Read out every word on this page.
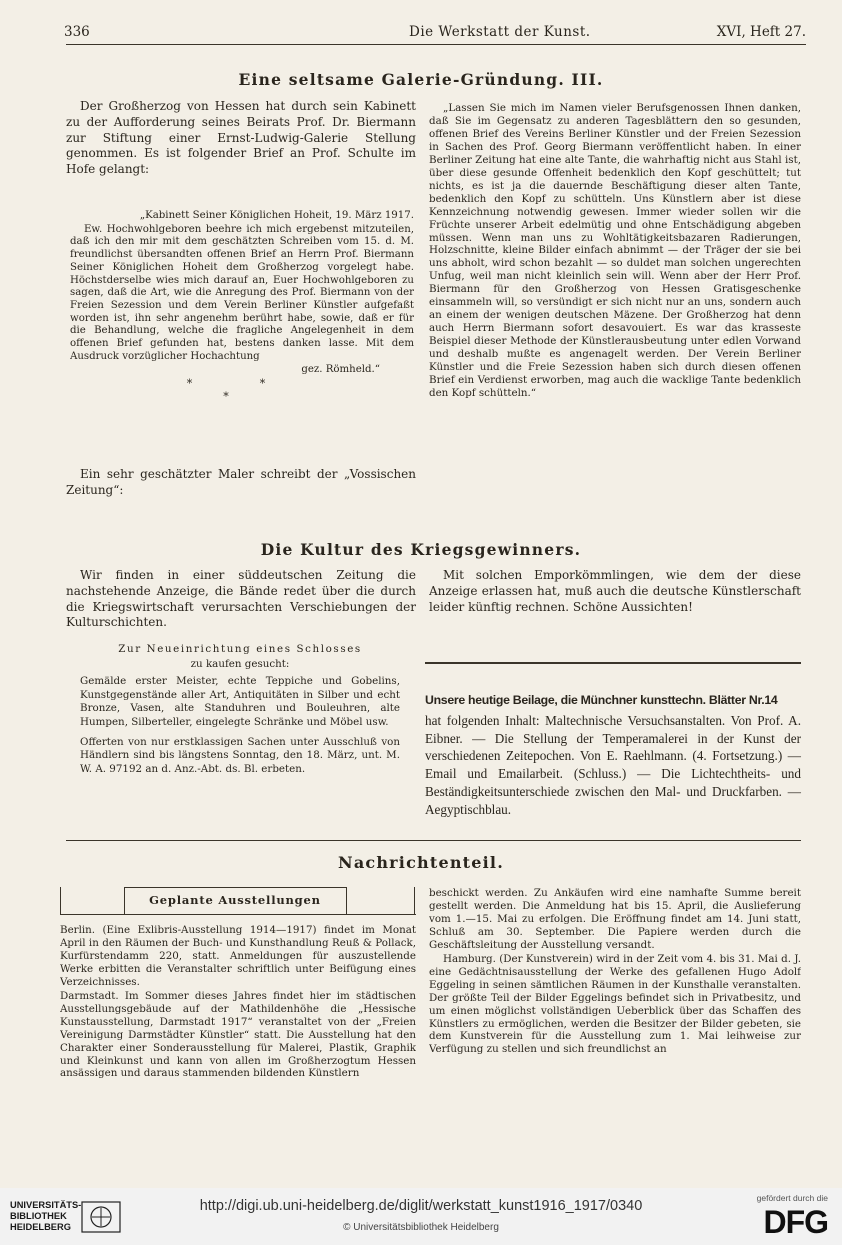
336	Die Werkstatt der Kunst.	XVI, Heft 27.
Eine seltsame Galerie-Gründung. III.

Der Großherzog von Hessen hat durch sein Kabinett zu der Aufforderung seines Beirats Prof. Dr. Biermann zur Stiftung einer Ernst-Ludwig-Galerie Stellung genommen. Es ist folgender Brief an Prof. Schulte im Hofe gelangt:

„Kabinett Seiner Königlichen Hoheit, 19. März 1917.

Ew. Hochwohlgeboren beehre ich mich ergebenst mitzuteilen, daß ich den mir mit dem geschätzten Schreiben vom 15. d. M. freundlichst übersandten offenen Brief an Herrn Prof. Biermann Seiner Königlichen Hoheit dem Großherzog vorgelegt habe. Höchstderselbe wies mich darauf an, Euer Hochwohlgeboren zu sagen, daß die Art, wie die Anregung des Prof. Biermann von der Freien Sezession und dem Verein Berliner Künstler aufgefaßt worden ist, ihn sehr angenehm berührt habe, sowie, daß er für die Behandlung, welche die fragliche Angelegenheit in dem offenen Brief gefunden hat, bestens danken lasse. Mit dem Ausdruck vorzüglicher Hochachtung

gez. Römheld.“

* *

*

Ein sehr geschätzter Maler schreibt der „Vossischen Zeitung“:

„Lassen Sie mich im Namen vieler Berufsgenossen Ihnen danken, daß Sie im Gegensatz zu anderen Tagesblättern den so gesunden, offenen Brief des Vereins Berliner Künstler und der Freien Sezession in Sachen des Prof. Georg Biermann veröffentlicht haben. In einer Berliner Zeitung hat eine alte Tante, die wahrhaftig nicht aus Stahl ist, über diese gesunde Offenheit bedenklich den Kopf geschüttelt; tut nichts, es ist ja die dauernde Beschäftigung dieser alten Tante, bedenklich den Kopf zu schütteln. Uns Künstlern aber ist diese Kennzeichnung notwendig gewesen. Immer wieder sollen wir die Früchte unserer Arbeit edelmütig und ohne Entschädigung abgeben müssen. Wenn man uns zu Wohltätigkeitsbazaren Radierungen, Holzschnitte, kleine Bilder einfach abnimmt — der Träger der sie bei uns abholt, wird schon bezahlt — so duldet man solchen ungerechten Unfug, weil man nicht kleinlich sein will. Wenn aber der Herr Prof. Biermann für den Großherzog von Hessen Gratisgeschenke einsammeln will, so versündigt er sich nicht nur an uns, sondern auch an einem der wenigen deutschen Mäzene. Der Großherzog hat denn auch Herrn Biermann sofort desavouiert. Es war das krasseste Beispiel dieser Methode der Künstlerausbeutung unter edlen Vorwand und deshalb mußte es angenagelt werden. Der Verein Berliner Künstler und die Freie Sezession haben sich durch diesen offenen Brief ein Verdienst erworben, mag auch die wacklige Tante bedenklich den Kopf schütteln.“

Die Kultur des Kriegsgewinners.

Wir finden in einer süddeutschen Zeitung die nachstehende Anzeige, die Bände redet über die durch die Kriegswirtschaft verursachten Verschiebungen der Kulturschichten.

Zur Neueinrichtung eines Schlosses

zu kaufen gesucht:

Gemälde erster Meister, echte Teppiche und Gobelins, Kunstgegenstände aller Art, Antiquitäten in Silber und echt Bronze, Vasen, alte Standuhren und Bouleuhren, alte Humpen, Silberteller, eingelegte Schränke und Möbel usw.

Offerten von nur erstklassigen Sachen unter Ausschluß von Händlern sind bis längstens Sonntag, den 18. März, unt. M. W. A. 97192 an d. Anz.-Abt. ds. Bl. erbeten.

Mit solchen Emporkömmlingen, wie dem der diese Anzeige erlassen hat, muß auch die deutsche Künstlerschaft leider künftig rechnen. Schöne Aussichten!

Unsere heutige Beilage, die Münchner kunsttechn. Blätter Nr.14

hat folgenden Inhalt: Maltechnische Versuchsanstalten. Von Prof. A. Eibner. — Die Stellung der Temperamalerei in der Kunst der verschiedenen Zeitepochen. Von E. Raehlmann. (4. Fortsetzung.) — Email und Emailarbeit. (Schluss.) — Die Lichtechtheits- und Beständigkeitsunterschiede zwischen den Mal- und Druckfarben. — Aegyptischblau.

Nachrichtenteil.
Geplante Ausstellungen

Berlin. (Eine Exlibris-Ausstellung 1914—1917) findet im Monat April in den Räumen der Buch- und Kunsthandlung Reuß & Pollack, Kurfürstendamm 220, statt. Anmeldungen für auszustellende Werke erbitten die Veranstalter schriftlich unter Beifügung eines Verzeichnisses.

Darmstadt. Im Sommer dieses Jahres findet hier im städtischen Ausstellungsgebäude auf der Mathildenhöhe die „Hessische Kunstausstellung, Darmstadt 1917“ veranstaltet von der „Freien Vereinigung Darmstädter Künstler“ statt. Die Ausstellung hat den Charakter einer Sonderausstellung für Malerei, Plastik, Graphik und Kleinkunst und kann von allen im Großherzogtum Hessen ansässigen und daraus stammenden bildenden Künstlern

beschickt werden. Zu Ankäufen wird eine namhafte Summe bereit gestellt werden. Die Anmeldung hat bis 15. April, die Auslieferung vom 1.—15. Mai zu erfolgen. Die Eröffnung findet am 14. Juni statt, Schluß am 30. September. Die Papiere werden durch die Geschäftsleitung der Ausstellung versandt.

Hamburg. (Der Kunstverein) wird in der Zeit vom 4. bis 31. Mai d. J. eine Gedächtnisausstellung der Werke des gefallenen Hugo Adolf Eggeling in seinen sämtlichen Räumen in der Kunsthalle veranstalten. Der größte Teil der Bilder Eggelings befindet sich in Privatbesitz, und um einen möglichst vollständigen Ueberblick über das Schaffen des Künstlers zu ermöglichen, werden die Besitzer der Bilder gebeten, sie dem Kunstverein für die Ausstellung zum 1. Mai leihweise zur Verfügung zu stellen und sich freundlichst an

UNIVERSITÄTS-
BIBLIOTHEK
HEIDELBERG
http://digi.ub.uni-heidelberg.de/diglit/werkstatt_kunst1916_1917/0340
© Universitätsbibliothek Heidelberg
gefördert durch die
DFG
